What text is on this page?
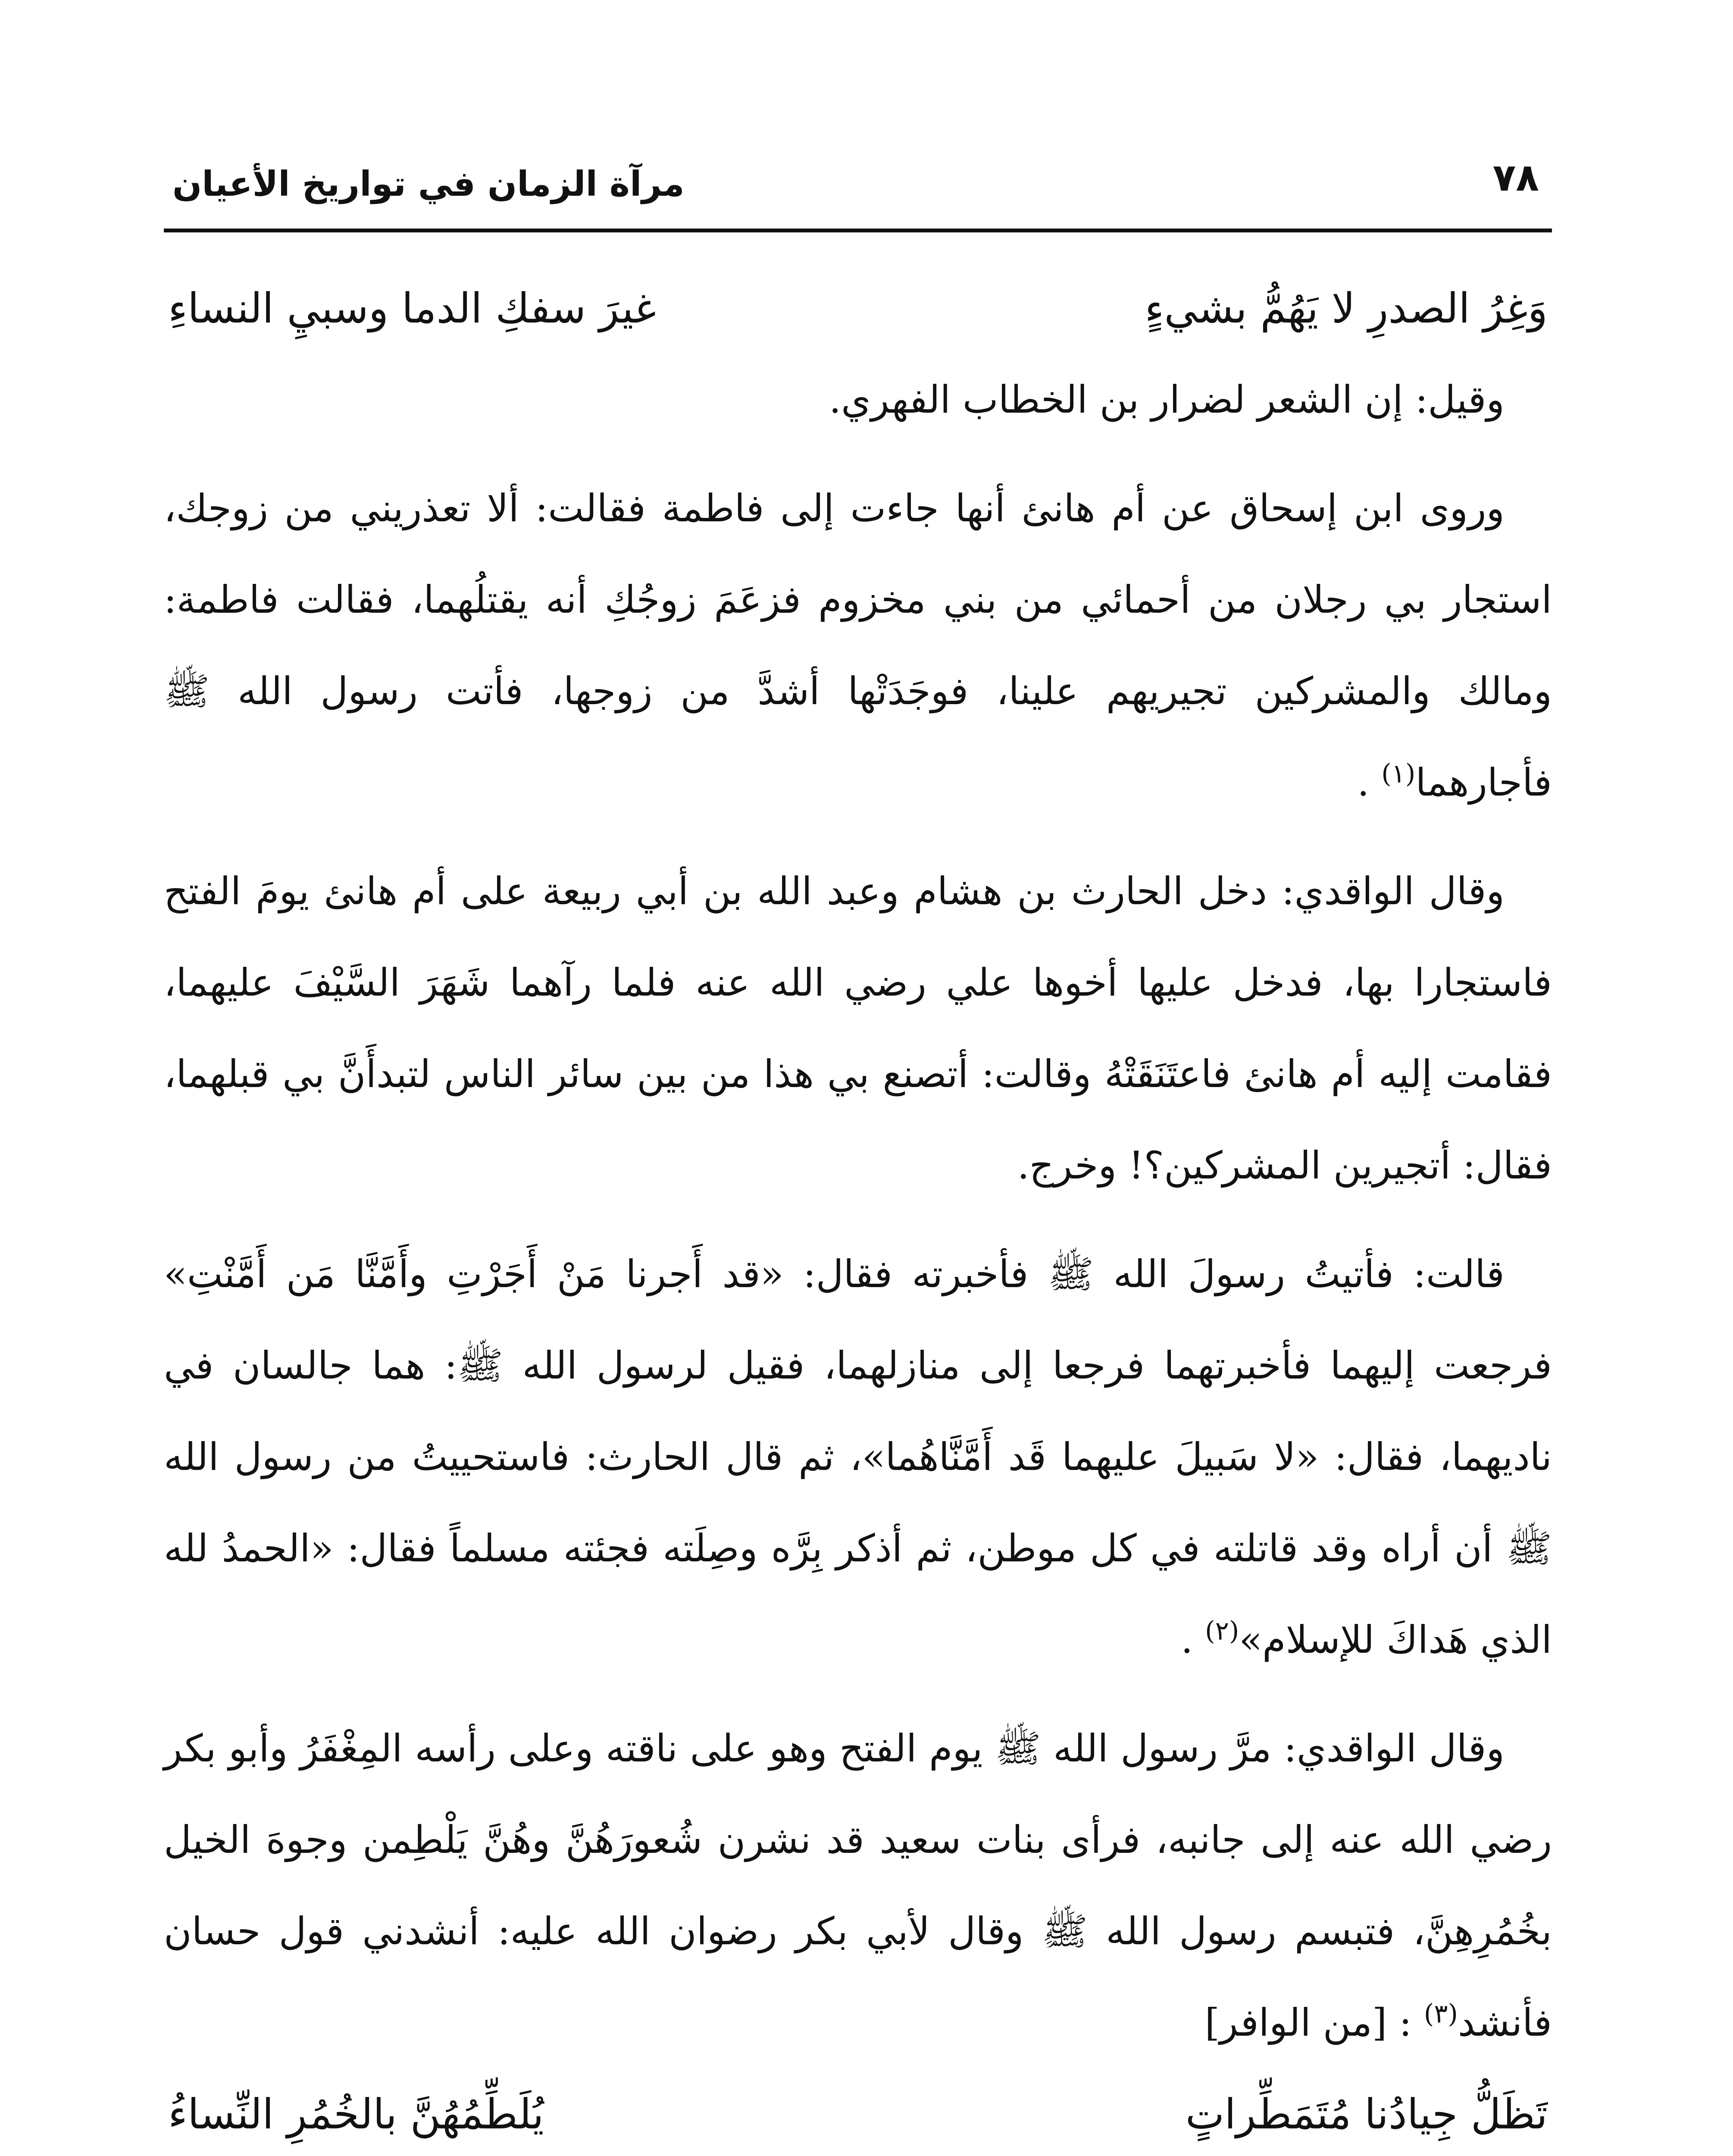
٧٨
مرآة الزمان في تواريخ الأعيان
وَغِرُ الصدرِ لا يَهُمُّ بشيءٍ
غيرَ سفكِ الدما وسبيِ النساءِ

وقيل: إن الشعر لضرار بن الخطاب الفهري.

وروى ابن إسحاق عن أم هانئ أنها جاءت إلى فاطمة فقالت: ألا تعذريني من زوجك، استجار بي رجلان من أحمائي من بني مخزوم فزعَمَ زوجُكِ أنه يقتلُهما، فقالت فاطمة: ومالك والمشركين تجيريهم علينا، فوجَدَتْها أشدَّ من زوجها، فأتت رسول الله ﷺ فأجارهما$^{(١)}$ .

وقال الواقدي: دخل الحارث بن هشام وعبد الله بن أبي ربيعة على أم هانئ يومَ الفتح فاستجارا بها، فدخل عليها أخوها علي رضي الله عنه فلما رآهما شَهَرَ السَّيْفَ عليهما، فقامت إليه أم هانئ فاعتَنَقَتْهُ وقالت: أتصنع بي هذا من بين سائر الناس لتبدأَنَّ بي قبلهما، فقال: أتجيرين المشركين؟! وخرج.

قالت: فأتيتُ رسولَ الله ﷺ فأخبرته فقال: «قد أَجرنا مَنْ أَجَرْتِ وأَمَّنَّا مَن أَمَّنْتِ» فرجعت إليهما فأخبرتهما فرجعا إلى منازلهما، فقيل لرسول الله ﷺ: هما جالسان في ناديهما، فقال: «لا سَبيلَ عليهما قَد أَمَّنَّاهُما»، ثم قال الحارث: فاستحييتُ من رسول الله ﷺ أن أراه وقد قاتلته في كل موطن، ثم أذكر بِرَّه وصِلَته فجئته مسلماً فقال: «الحمدُ لله الذي هَداكَ للإسلام»$^{(٢)}$ .

وقال الواقدي: مرَّ رسول الله ﷺ يوم الفتح وهو على ناقته وعلى رأسه المِغْفَرُ وأبو بكر رضي الله عنه إلى جانبه، فرأى بنات سعيد قد نشرن شُعورَهُنَّ وهُنَّ يَلْطِمن وجوهَ الخيل بخُمُرِهِنَّ، فتبسم رسول الله ﷺ وقال لأبي بكر رضوان الله عليه: أنشدني قول حسان فأنشد$^{(٣)}$ : [من الوافر]

تَظَلُّ جِيادُنا مُتَمَطِّراتٍ
يُلَطِّمُهُنَّ بالخُمُرِ النِّساءُ
